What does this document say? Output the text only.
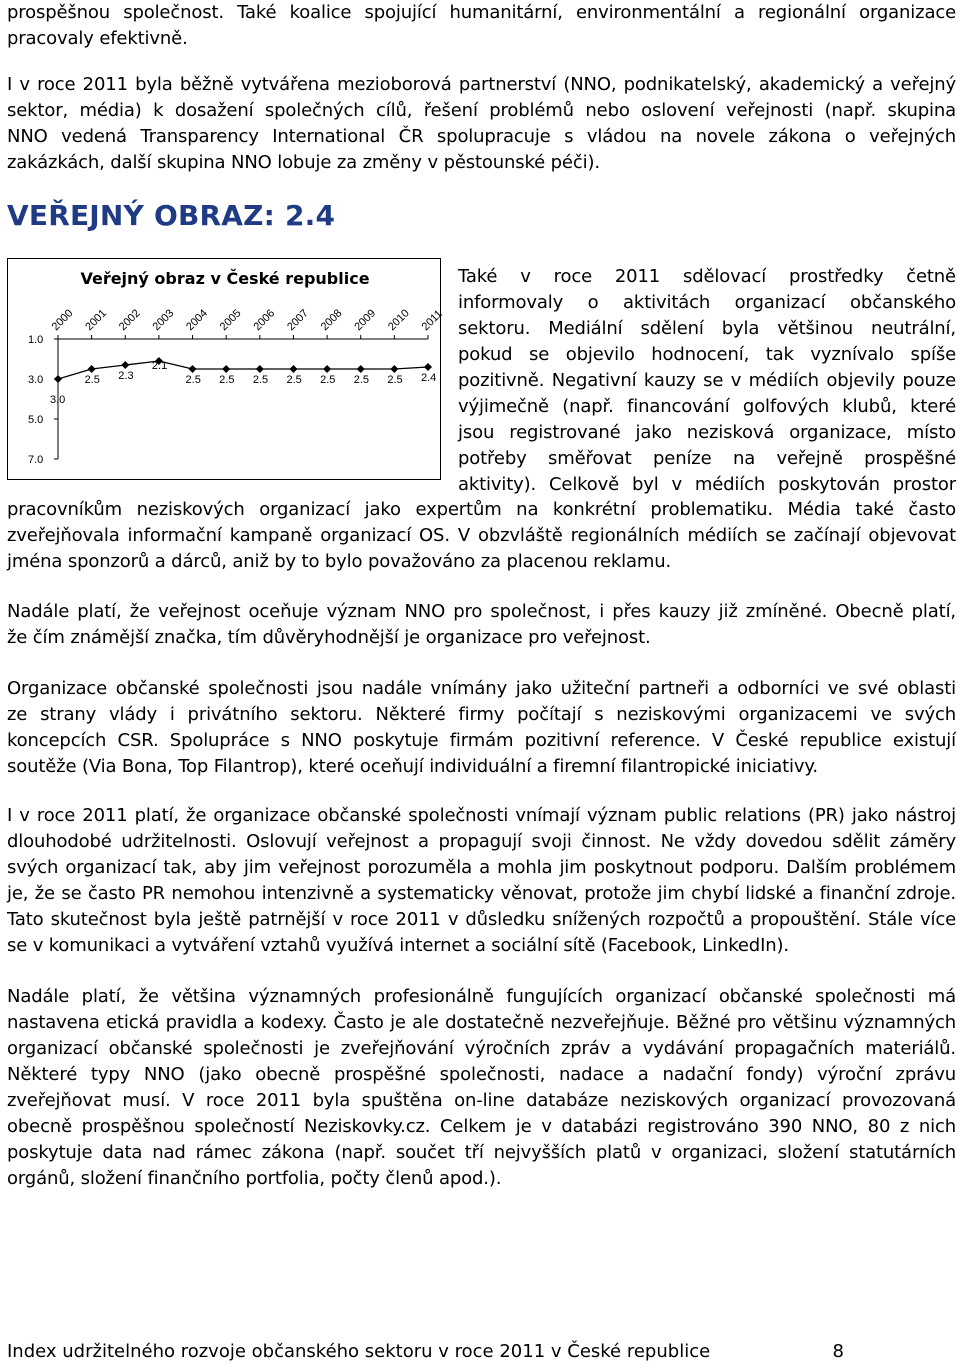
prospěšnou společnost. Také koalice spojující humanitární, environmentální a regionální organizace
pracovaly efektivně.

I v roce 2011 byla běžně vytvářena mezioborová partnerství (NNO, podnikatelský, akademický a veřejný
sektor, média) k dosažení společných cílů, řešení problémů nebo oslovení veřejnosti (např. skupina
NNO vedená Transparency International ČR spolupracuje s vládou na novele zákona o veřejných
zakázkách, další skupina NNO lobuje za změny v pěstounské péči).

VEŘEJNÝ OBRAZ: 2.4
Veřejný obraz v České republice
2000 2001 2002 2003 2004 2005 2006 2007 2008 2009 2010 2011
1.0
3.0
5.0
7.0
3.0
2.5 2.3
2.1
2.5 2.5 2.5 2.5 2.5 2.5 2.5 2.4
Také v roce 2011 sdělovací prostředky četně
informovaly o aktivitách organizací občanského
sektoru. Mediální sdělení byla většinou neutrální,
pokud se objevilo hodnocení, tak vyznívalo spíše
pozitivně. Negativní kauzy se v médiích objevily pouze
výjimečně (např. financování golfových klubů, které
jsou registrované jako nezisková organizace, místo
potřeby směřovat peníze na veřejně prospěšné
aktivity). Celkově byl v médiích poskytován prostor

pracovníkům neziskových organizací jako expertům na konkrétní problematiku. Média také často
zveřejňovala informační kampaně organizací OS. V obzvláště regionálních médiích se začínají objevovat
jména sponzorů a dárců, aniž by to bylo považováno za placenou reklamu.

Nadále platí, že veřejnost oceňuje význam NNO pro společnost, i přes kauzy již zmíněné. Obecně platí,
že čím známější značka, tím důvěryhodnější je organizace pro veřejnost.

Organizace občanské společnosti jsou nadále vnímány jako užiteční partneři a odborníci ve své oblasti
ze strany vlády i privátního sektoru. Některé firmy počítají s neziskovými organizacemi ve svých
koncepcích CSR. Spolupráce s NNO poskytuje firmám pozitivní reference. V České republice existují
soutěže (Via Bona, Top Filantrop), které oceňují individuální a firemní filantropické iniciativy.

I v roce 2011 platí, že organizace občanské společnosti vnímají význam public relations (PR) jako nástroj
dlouhodobé udržitelnosti. Oslovují veřejnost a propagují svoji činnost. Ne vždy dovedou sdělit záměry
svých organizací tak, aby jim veřejnost porozuměla a mohla jim poskytnout podporu. Dalším problémem
je, že se často PR nemohou intenzivně a systematicky věnovat, protože jim chybí lidské a finanční zdroje.
Tato skutečnost byla ještě patrnější v roce 2011 v důsledku snížených rozpočtů a propouštění. Stále více
se v komunikaci a vytváření vztahů využívá internet a sociální sítě (Facebook, LinkedIn).

Nadále platí, že většina významných profesionálně fungujících organizací občanské společnosti má
nastavena etická pravidla a kodexy. Často je ale dostatečně nezveřejňuje. Běžné pro většinu významných
organizací občanské společnosti je zveřejňování výročních zpráv a vydávání propagačních materiálů.
Některé typy NNO (jako obecně prospěšné společnosti, nadace a nadační fondy) výroční zprávu
zveřejňovat musí. V roce 2011 byla spuštěna on-line databáze neziskových organizací provozovaná
obecně prospěšnou společností Neziskovky.cz. Celkem je v databázi registrováno 390 NNO, 80 z nich
poskytuje data nad rámec zákona (např. součet tří nejvyšších platů v organizaci, složení statutárních
orgánů, složení finančního portfolia, počty členů apod.).

Index udržitelného rozvoje občanského sektoru v roce 2011 v České republice	8
